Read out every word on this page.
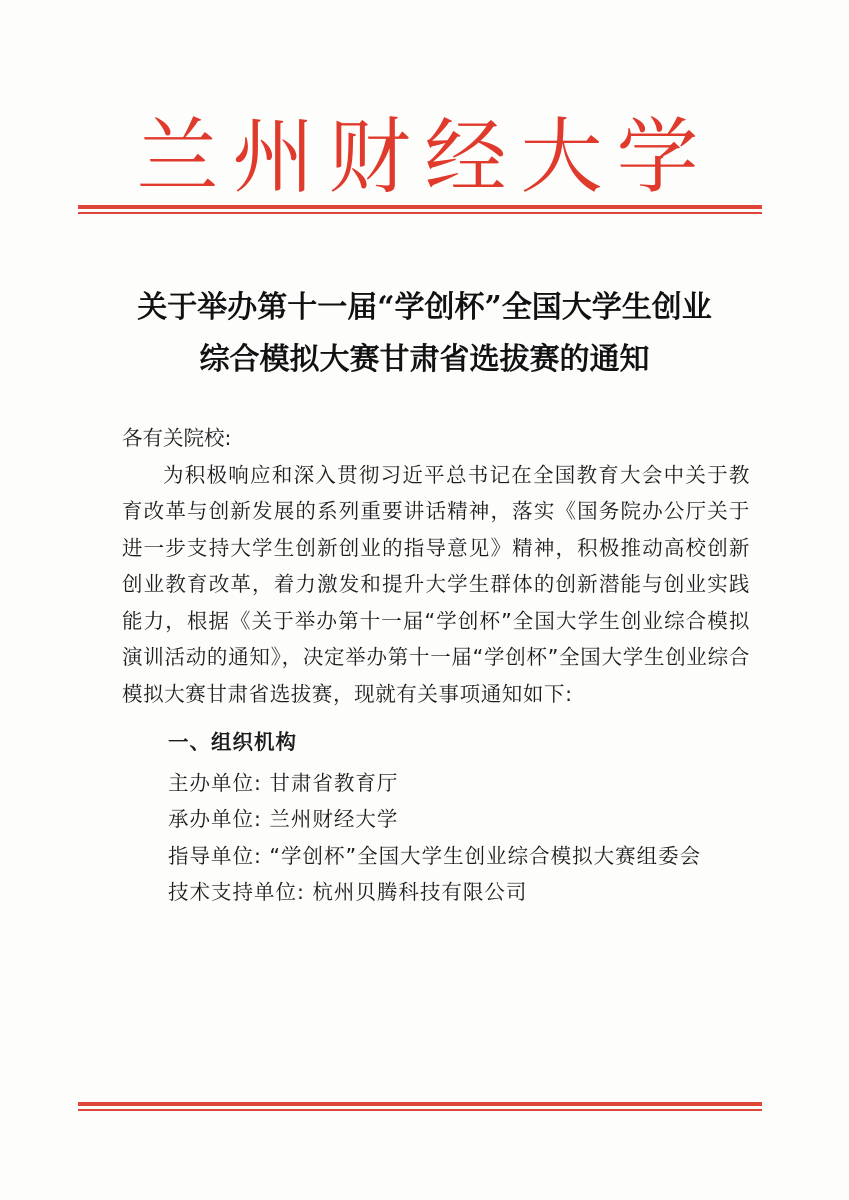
兰州财经大学
关于举办第十一届“学创杯”全国大学生创业
综合模拟大赛甘肃省选拔赛的通知

各有关院校:

为积极响应和深入贯彻习近平总书记在全国教育大会中关于教育改革与创新发展的系列重要讲话精神，落实《国务院办公厅关于进一步支持大学生创新创业的指导意见》精神，积极推动高校创新创业教育改革，着力激发和提升大学生群体的创新潜能与创业实践能力，根据《关于举办第十一届“学创杯”全国大学生创业综合模拟演训活动的通知》，决定举办第十一届“学创杯”全国大学生创业综合模拟大赛甘肃省选拔赛，现就有关事项通知如下:

一、组织机构

主办单位: 甘肃省教育厅
承办单位: 兰州财经大学
指导单位: “学创杯”全国大学生创业综合模拟大赛组委会
技术支持单位: 杭州贝腾科技有限公司
